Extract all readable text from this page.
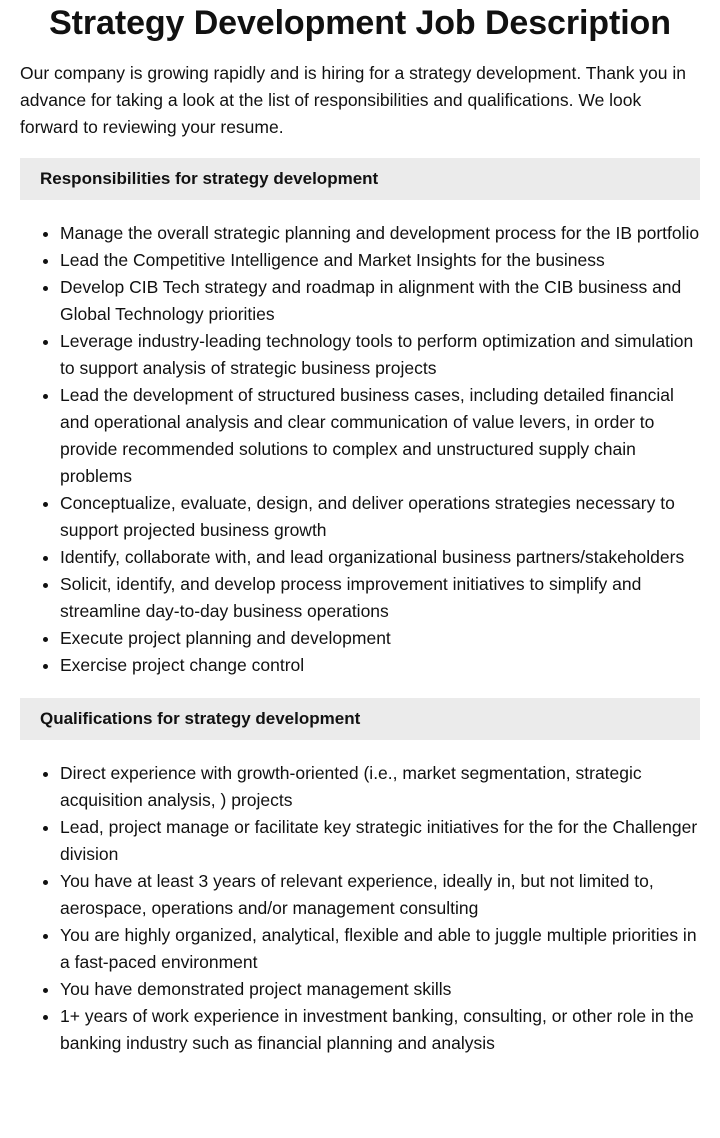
Strategy Development Job Description

Our company is growing rapidly and is hiring for a strategy development. Thank you in advance for taking a look at the list of responsibilities and qualifications. We look forward to reviewing your resume.

Responsibilities for strategy development
• Manage the overall strategic planning and development process for the IB portfolio
• Lead the Competitive Intelligence and Market Insights for the business
• Develop CIB Tech strategy and roadmap in alignment with the CIB business and Global Technology priorities
• Leverage industry-leading technology tools to perform optimization and simulation to support analysis of strategic business projects
• Lead the development of structured business cases, including detailed financial and operational analysis and clear communication of value levers, in order to provide recommended solutions to complex and unstructured supply chain problems
• Conceptualize, evaluate, design, and deliver operations strategies necessary to support projected business growth
• Identify, collaborate with, and lead organizational business partners/stakeholders
• Solicit, identify, and develop process improvement initiatives to simplify and streamline day-to-day business operations
• Execute project planning and development
• Exercise project change control
Qualifications for strategy development
• Direct experience with growth-oriented (i.e., market segmentation, strategic acquisition analysis, ) projects
• Lead, project manage or facilitate key strategic initiatives for the for the Challenger division
• You have at least 3 years of relevant experience, ideally in, but not limited to, aerospace, operations and/or management consulting
• You are highly organized, analytical, flexible and able to juggle multiple priorities in a fast-paced environment
• You have demonstrated project management skills
• 1+ years of work experience in investment banking, consulting, or other role in the banking industry such as financial planning and analysis
